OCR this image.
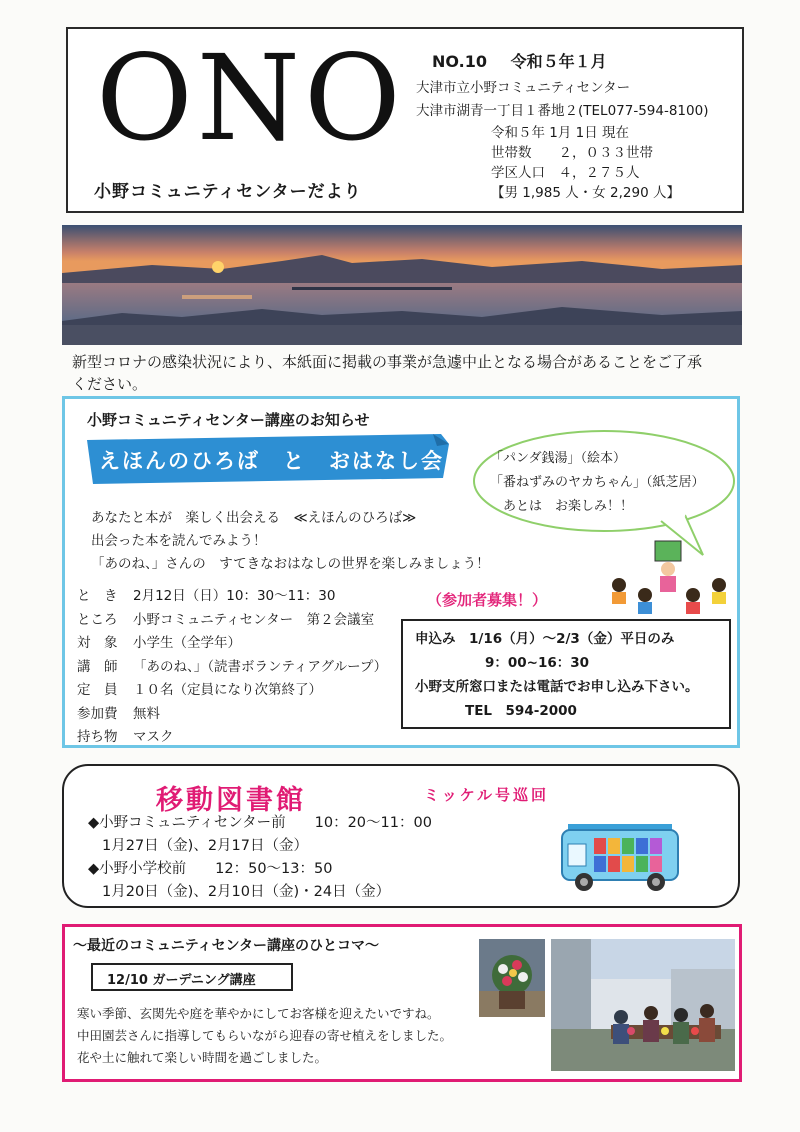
ONO
小野コミュニティセンターだより
NO.10 令和５年１月
大津市立小野コミュニティセンター
大津市湖青一丁目１番地２(TEL077-594-8100)
令和５年 1月 1日 現在
世帯数　　２，０３３世帯
学区人口　４，２７５人
【男 1,985 人・女 2,290 人】
新型コロナの感染状況により、本紙面に掲載の事業が急遽中止となる場合があることをご了承ください。
小野コミュニティセンター講座のお知らせ
えほんのひろば　と　おはなし会	「パンダ銭湯」（絵本）
「番ねずみのヤカちゃん」（紙芝居）
　あとは　お楽しみ！！
あなたと本が　楽しく出会える　≪えほんのひろば≫
出会った本を読んでみよう！
「あのね、」さんの　すてきなおはなしの世界を楽しみましょう！
と　き	2月12日（日）10：30～11：30
ところ	小野コミュニティセンター　第２会議室
対　象	小学生（全学年）
講　師	「あのね、」（読書ボランティアグループ）
定　員	１０名（定員になり次第終了）
参加費	無料
持ち物	マスク
（参加者募集！）
申込み　1/16（月）～2/3（金）平日のみ
9：00~16：30
小野支所窓口または電話でお申し込み下さい。
TEL　594-2000
移動図書館	ミッケル号巡回
◆小野コミュニティセンター前　　10：20～11：00
1月27日（金)、2月17日（金）
◆小野小学校前　　12：50～13：50
1月20日（金)、2月10日（金)・24日（金）
～最近のコミュニティセンター講座のひとコマ～
12/10 ガーデニング講座
寒い季節、玄関先や庭を華やかにしてお客様を迎えたいですね。
中田園芸さんに指導してもらいながら迎春の寄せ植えをしました。
花や土に触れて楽しい時間を過ごしました。
